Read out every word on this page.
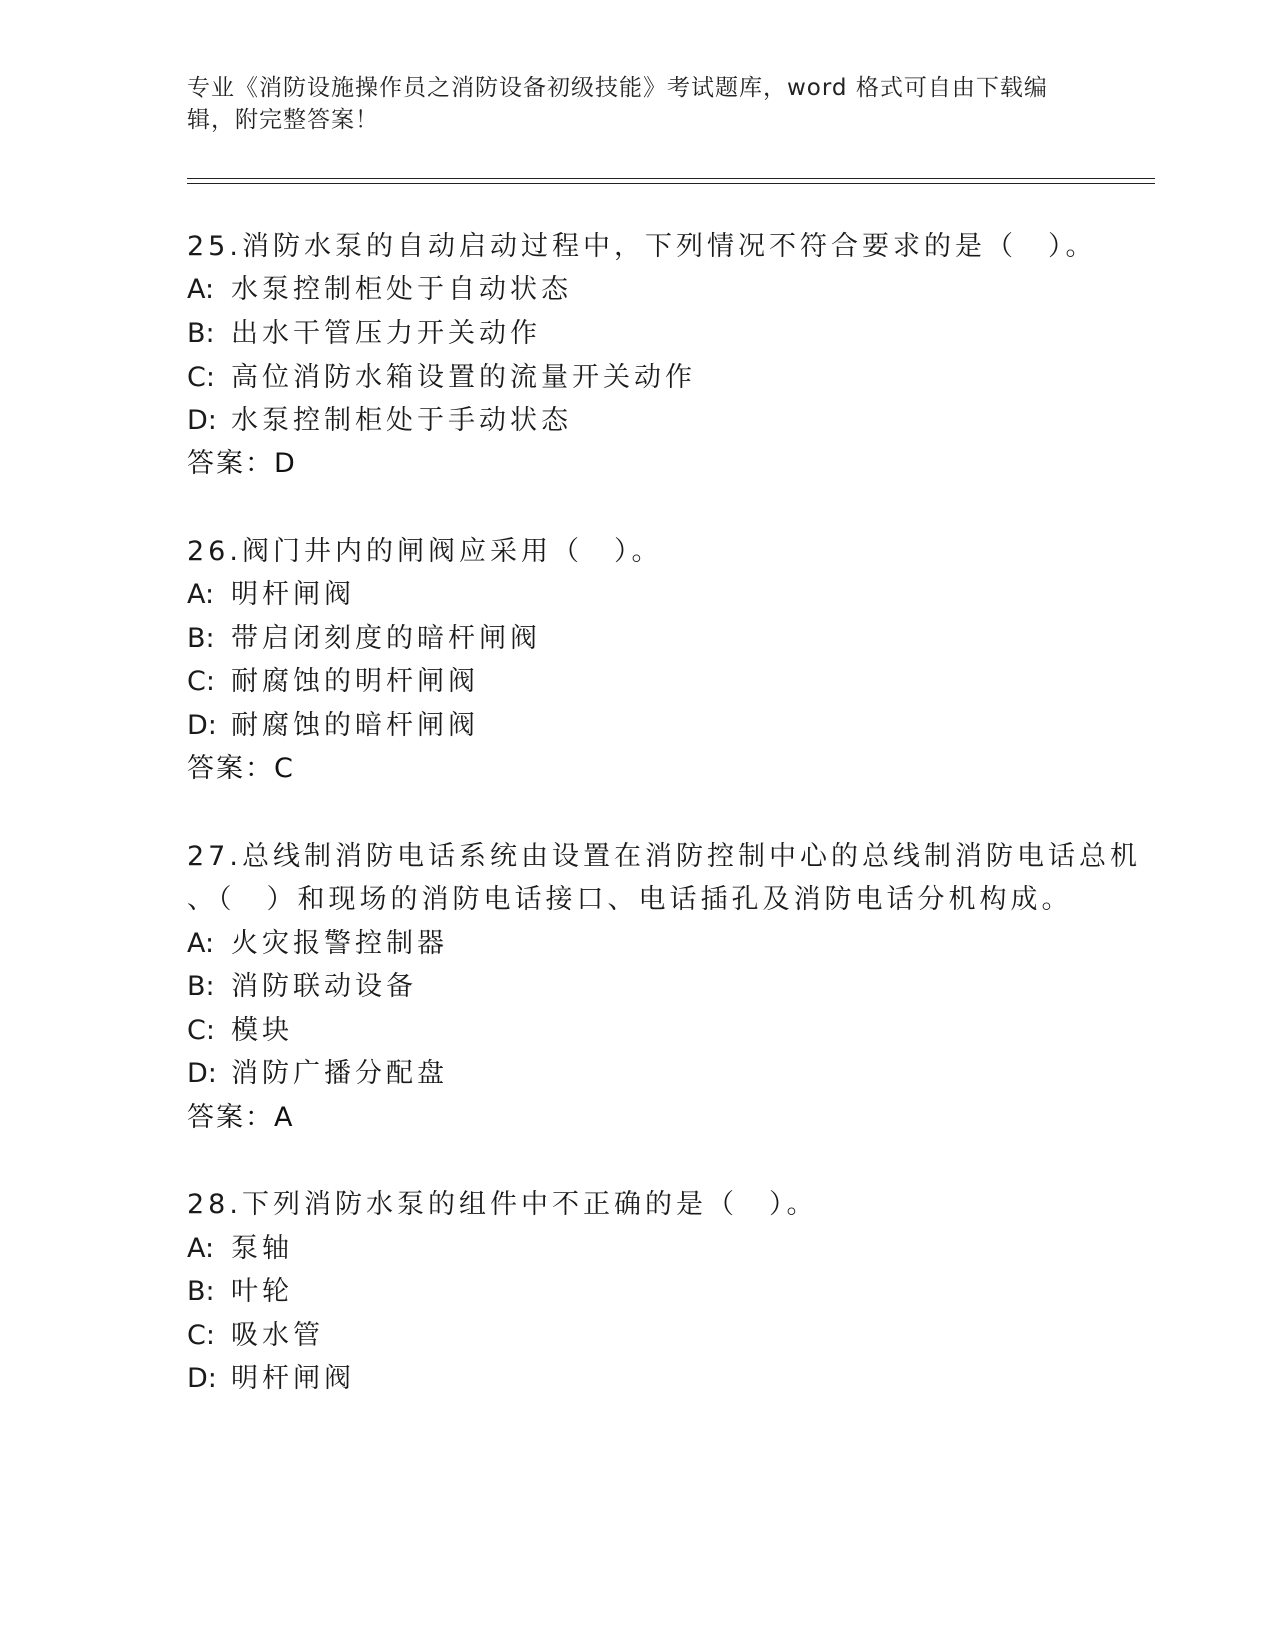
专业《消防设施操作员之消防设备初级技能》考试题库，word 格式可自由下载编
辑，附完整答案！
25.消防水泵的自动启动过程中，下列情况不符合要求的是（　）。
A: 水泵控制柜处于自动状态
B: 出水干管压力开关动作
C: 高位消防水箱设置的流量开关动作
D: 水泵控制柜处于手动状态
答案：D
26.阀门井内的闸阀应采用（　）。
A: 明杆闸阀
B: 带启闭刻度的暗杆闸阀
C: 耐腐蚀的明杆闸阀
D: 耐腐蚀的暗杆闸阀
答案：C
27.总线制消防电话系统由设置在消防控制中心的总线制消防电话总机
、（　）和现场的消防电话接口、电话插孔及消防电话分机构成。
A: 火灾报警控制器
B: 消防联动设备
C: 模块
D: 消防广播分配盘
答案：A
28.下列消防水泵的组件中不正确的是（　）。
A: 泵轴
B: 叶轮
C: 吸水管
D: 明杆闸阀
